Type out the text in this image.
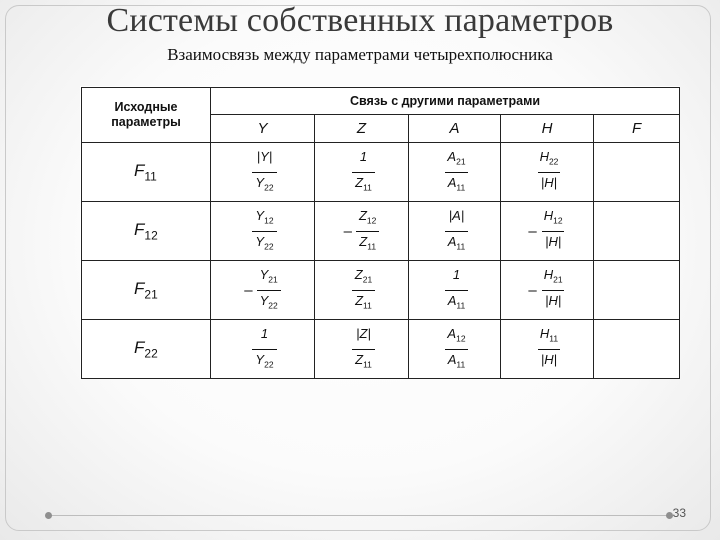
Системы собственных параметров
Взаимосвязь между параметрами четырехполюсника
Исходные
параметры	Связь с другими параметрами				
	Y	Z	A	H	F
$F_{11}$	$\frac{|Y|}{Y_{22}}$	$\frac{1}{Z_{11}}$	$\frac{A_{21}}{A_{11}}$	$\frac{H_{22}}{|H|}$

$F_{12}$	$\frac{Y_{12}}{Y_{22}}$	– $\frac{Z_{12}}{Z_{11}}$	$\frac{|A|}{A_{11}}$	– $\frac{H_{12}}{|H|}$

$F_{21}$	– $\frac{Y_{21}}{Y_{22}}$	$\frac{Z_{21}}{Z_{11}}$	$\frac{1}{A_{11}}$	– $\frac{H_{21}}{|H|}$

$F_{22}$	$\frac{1}{Y_{22}}$	$\frac{|Z|}{Z_{11}}$	$\frac{A_{12}}{A_{11}}$	$\frac{H_{11}}{|H|}$

33
